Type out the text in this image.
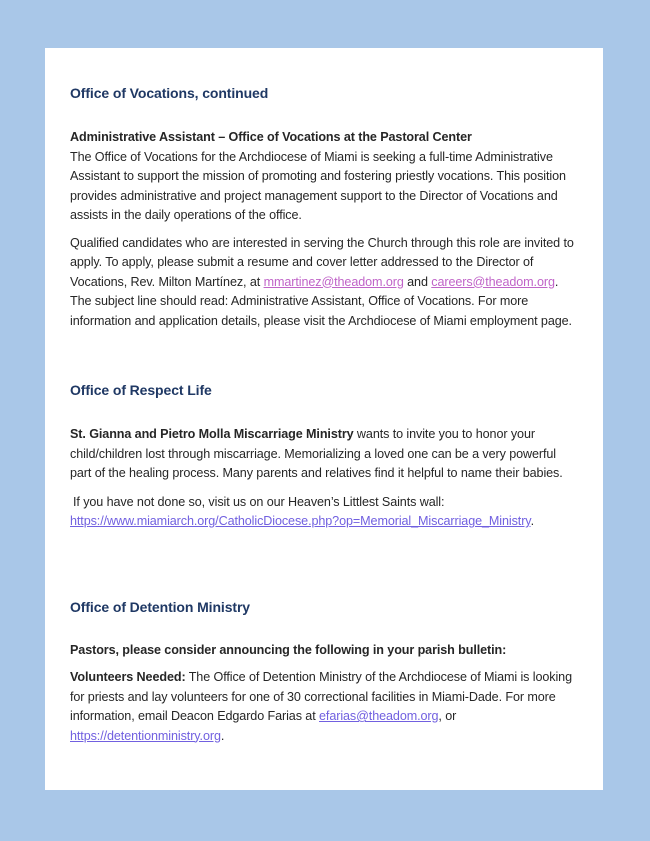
Office of Vocations, continued

Administrative Assistant – Office of Vocations at the Pastoral Center

The Office of Vocations for the Archdiocese of Miami is seeking a full-time Administrative Assistant to support the mission of promoting and fostering priestly vocations. This position provides administrative and project management support to the Director of Vocations and assists in the daily operations of the office.

Qualified candidates who are interested in serving the Church through this role are invited to apply. To apply, please submit a resume and cover letter addressed to the Director of Vocations, Rev. Milton Martínez, at mmartinez@theadom.org and careers@theadom.org. The subject line should read: Administrative Assistant, Office of Vocations. For more information and application details, please visit the Archdiocese of Miami employment page.

Office of Respect Life

St. Gianna and Pietro Molla Miscarriage Ministry wants to invite you to honor your child/children lost through miscarriage. Memorializing a loved one can be a very powerful part of the healing process. Many parents and relatives find it helpful to name their babies.

If you have not done so, visit us on our Heaven’s Littlest Saints wall: https://www.miamiarch.org/CatholicDiocese.php?op=Memorial_Miscarriage_Ministry.

Office of Detention Ministry

Pastors, please consider announcing the following in your parish bulletin:

Volunteers Needed: The Office of Detention Ministry of the Archdiocese of Miami is looking for priests and lay volunteers for one of 30 correctional facilities in Miami-Dade. For more information, email Deacon Edgardo Farias at efarias@theadom.org, or https://detentionministry.org.
